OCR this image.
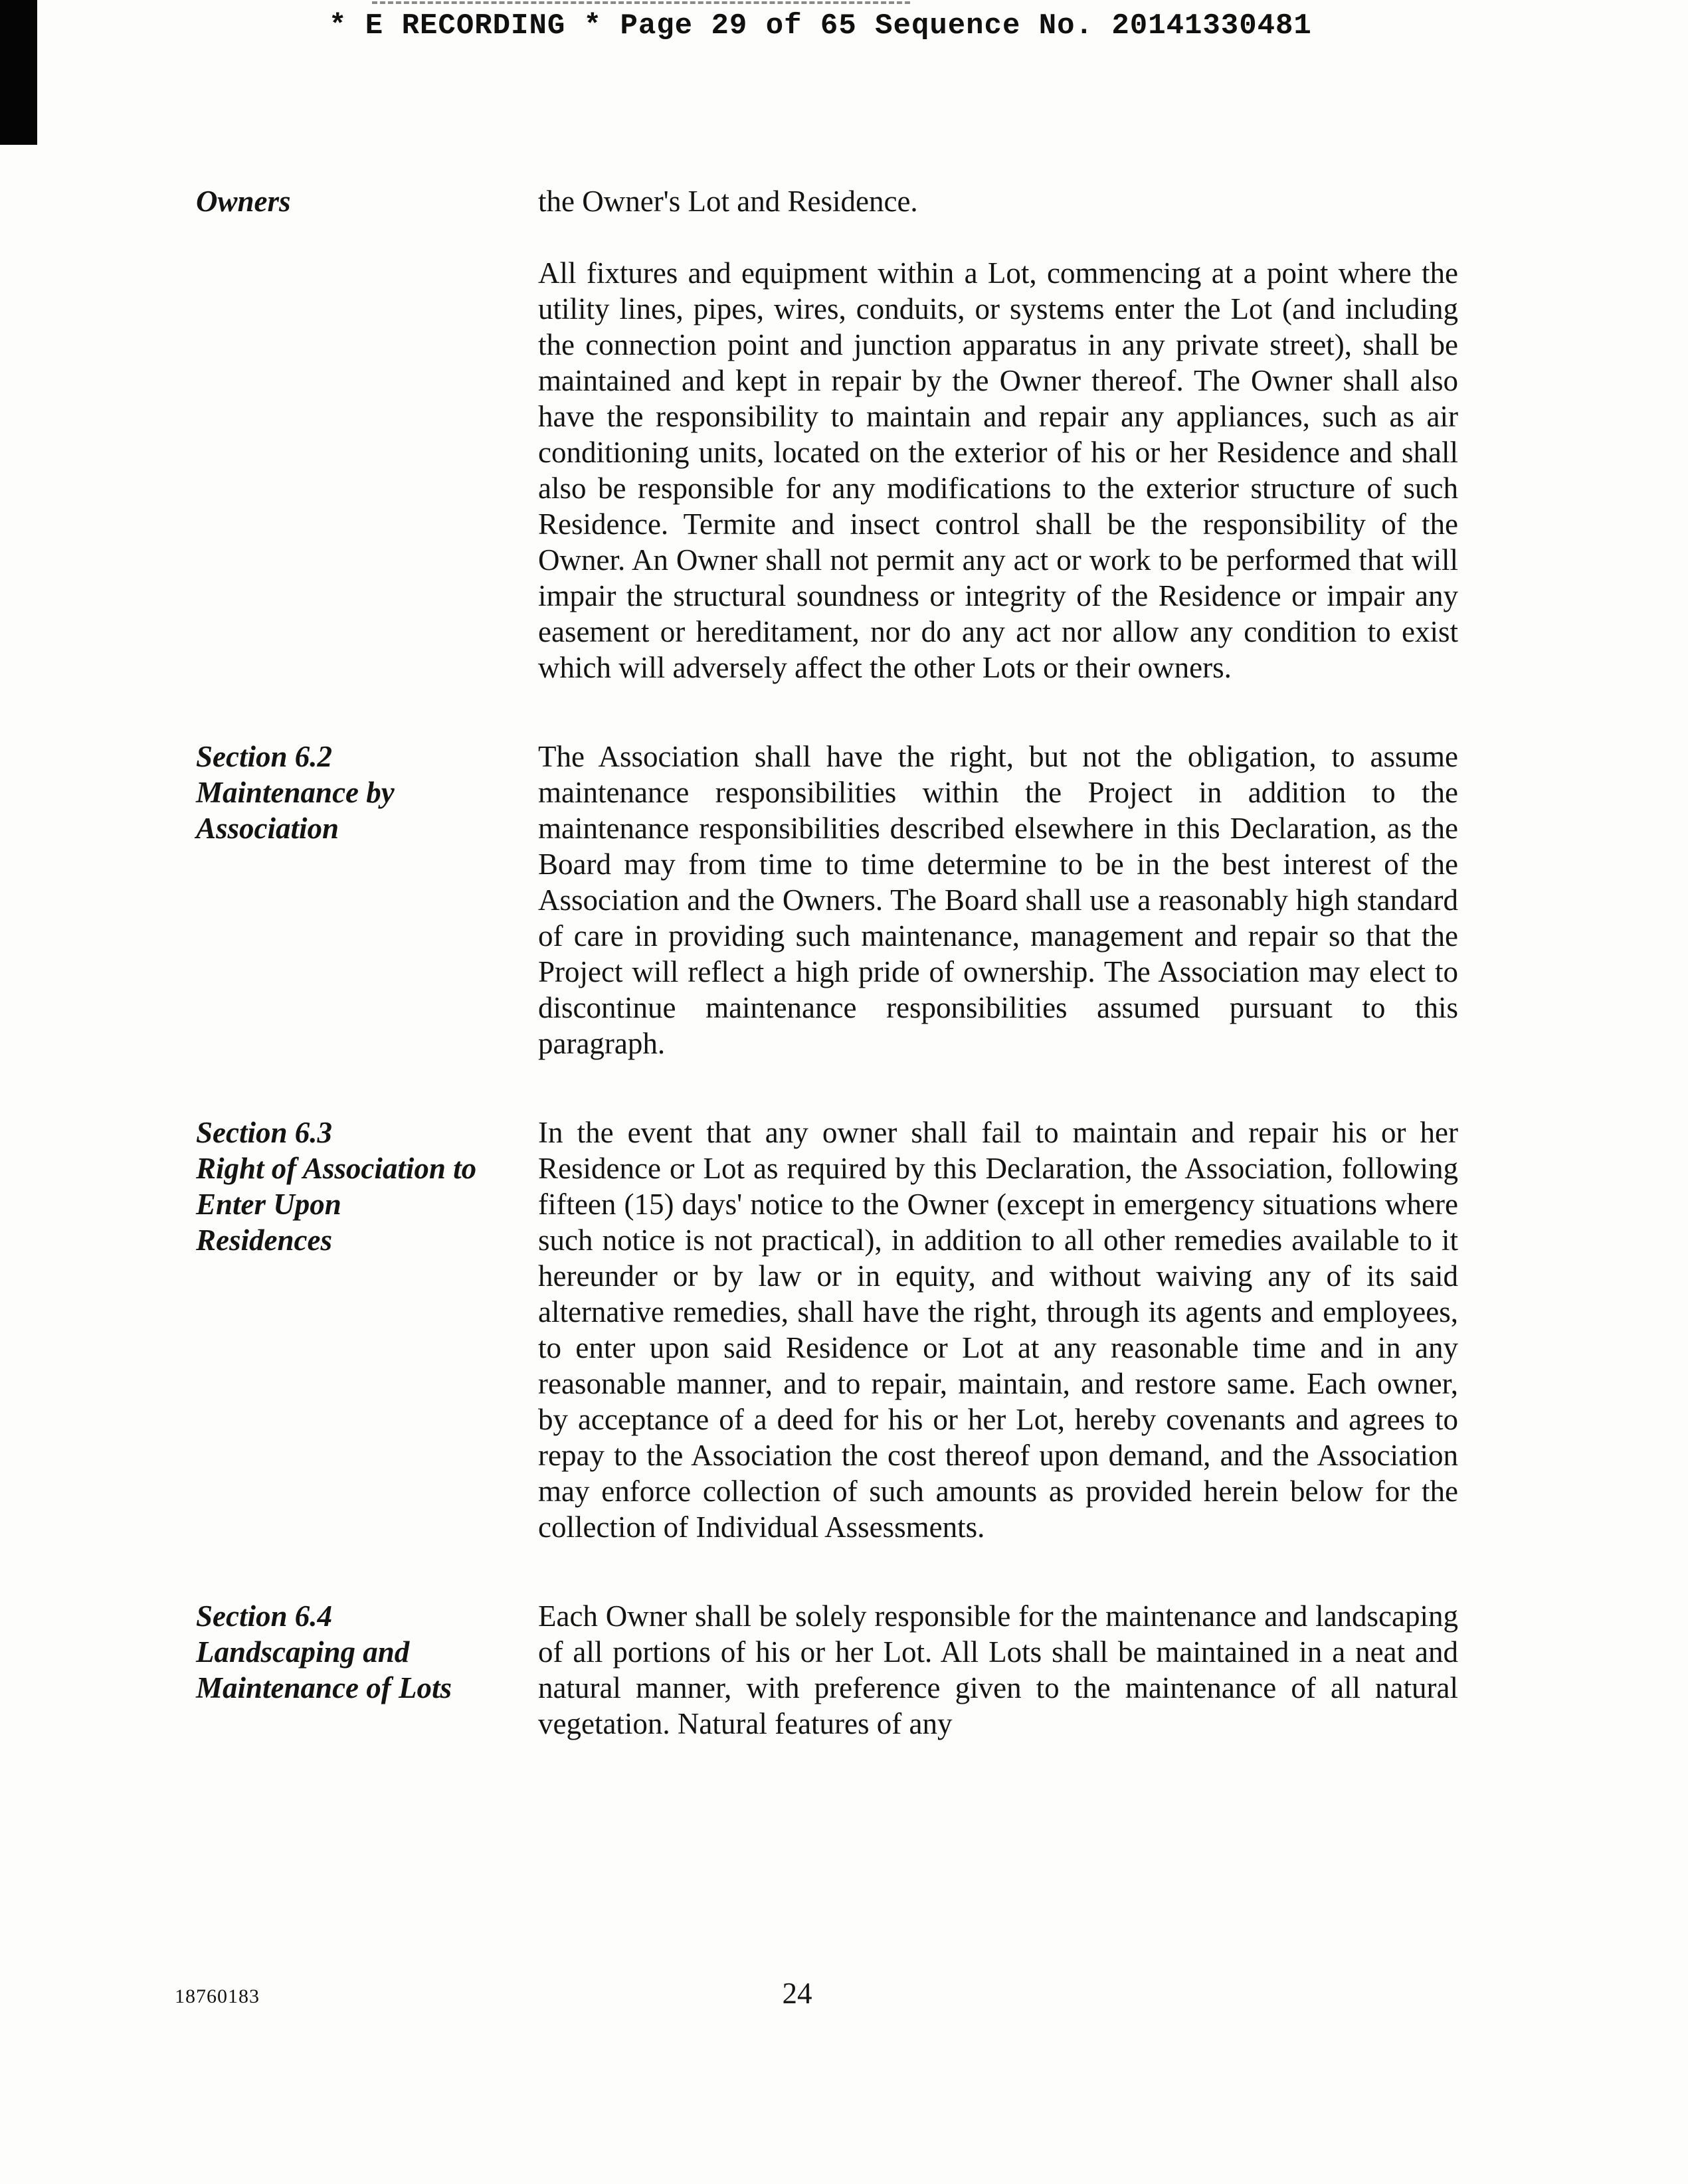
* E RECORDING * Page 29 of 65 Sequence No. 20141330481
Owners	the Owner's Lot and Residence.

All fixtures and equipment within a Lot, commencing at a point where the utility lines, pipes, wires, conduits, or systems enter the Lot (and including the connection point and junction apparatus in any private street), shall be maintained and kept in repair by the Owner thereof. The Owner shall also have the responsibility to maintain and repair any appliances, such as air conditioning units, located on the exterior of his or her Residence and shall also be responsible for any modifications to the exterior structure of such Residence. Termite and insect control shall be the responsibility of the Owner. An Owner shall not permit any act or work to be performed that will impair the structural soundness or integrity of the Residence or impair any easement or hereditament, nor do any act nor allow any condition to exist which will adversely affect the other Lots or their owners.

Section 6.2
Maintenance by
Association

The Association shall have the right, but not the obligation, to assume maintenance responsibilities within the Project in addition to the maintenance responsibilities described elsewhere in this Declaration, as the Board may from time to time determine to be in the best interest of the Association and the Owners. The Board shall use a reasonably high standard of care in providing such maintenance, management and repair so that the Project will reflect a high pride of ownership. The Association may elect to discontinue maintenance responsibilities assumed pursuant to this paragraph.

Section 6.3
Right of Association to
Enter Upon
Residences

In the event that any owner shall fail to maintain and repair his or her Residence or Lot as required by this Declaration, the Association, following fifteen (15) days' notice to the Owner (except in emergency situations where such notice is not practical), in addition to all other remedies available to it hereunder or by law or in equity, and without waiving any of its said alternative remedies, shall have the right, through its agents and employees, to enter upon said Residence or Lot at any reasonable time and in any reasonable manner, and to repair, maintain, and restore same. Each owner, by acceptance of a deed for his or her Lot, hereby covenants and agrees to repay to the Association the cost thereof upon demand, and the Association may enforce collection of such amounts as provided herein below for the collection of Individual Assessments.

Section 6.4
Landscaping and
Maintenance of Lots

Each Owner shall be solely responsible for the maintenance and landscaping of all portions of his or her Lot. All Lots shall be maintained in a neat and natural manner, with preference given to the maintenance of all natural vegetation. Natural features of any

18760183	24
